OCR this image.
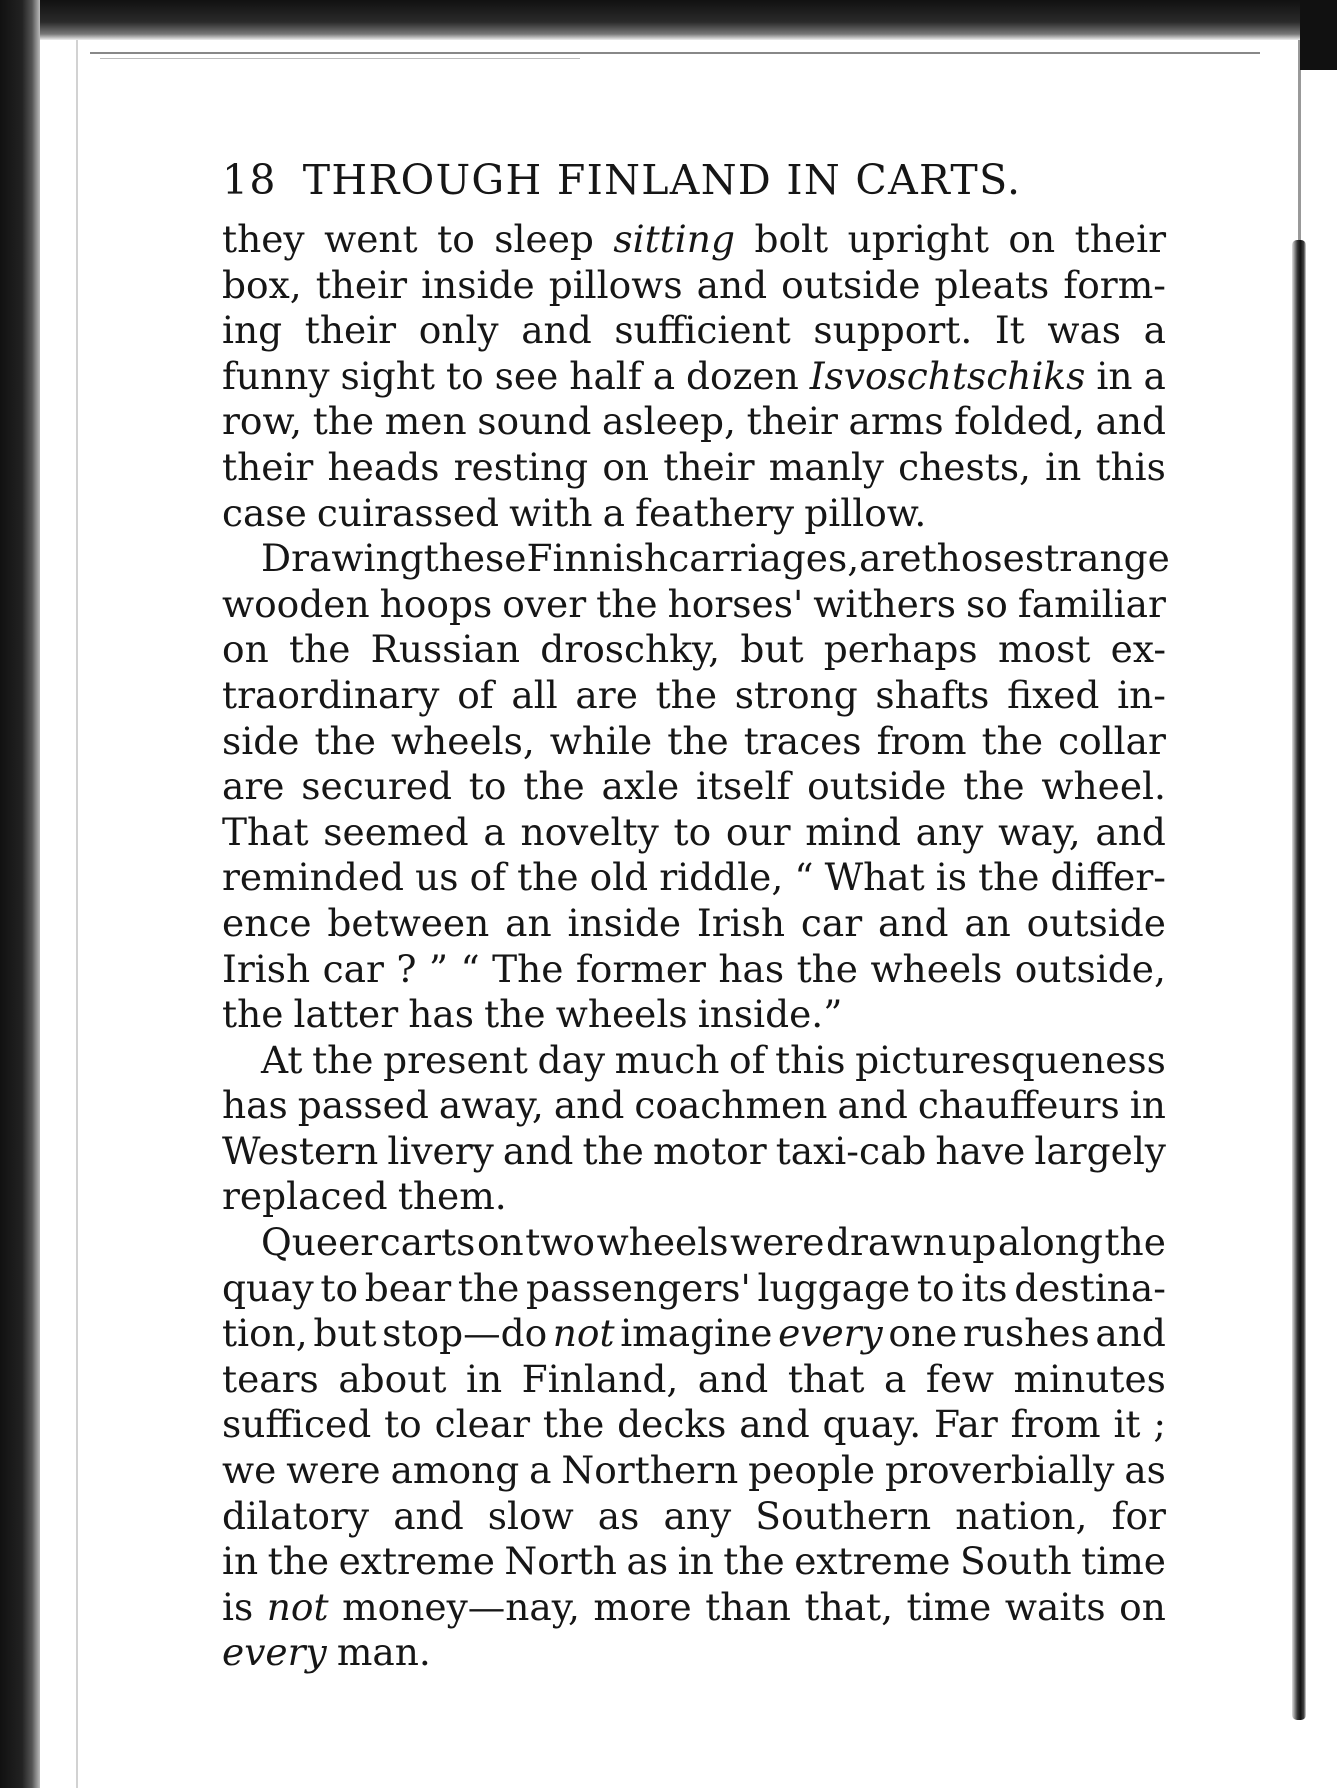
18 THROUGH FINLAND IN CARTS.
they went to sleep sitting bolt upright on their
box, their inside pillows and outside pleats form-
ing their only and sufficient support. It was a
funny sight to see half a dozen Isvoschtschiks in a
row, the men sound asleep, their arms folded, and
their heads resting on their manly chests, in this
case cuirassed with a feathery pillow.
Drawing these Finnish carriages, are those strange
wooden hoops over the horses' withers so familiar
on the Russian droschky, but perhaps most ex-
traordinary of all are the strong shafts fixed in-
side the wheels, while the traces from the collar
are secured to the axle itself outside the wheel.
That seemed a novelty to our mind any way, and
reminded us of the old riddle, “ What is the differ-
ence between an inside Irish car and an outside
Irish car ? ” “ The former has the wheels outside,
the latter has the wheels inside.”
At the present day much of this picturesqueness
has passed away, and coachmen and chauffeurs in
Western livery and the motor taxi-cab have largely
replaced them.
Queer carts on two wheels were drawn up along the
quay to bear the passengers' luggage to its destina-
tion, but stop—do not imagine every one rushes and
tears about in Finland, and that a few minutes
sufficed to clear the decks and quay. Far from it ;
we were among a Northern people proverbially as
dilatory and slow as any Southern nation, for
in the extreme North as in the extreme South time
is not money—nay, more than that, time waits on
every man.
